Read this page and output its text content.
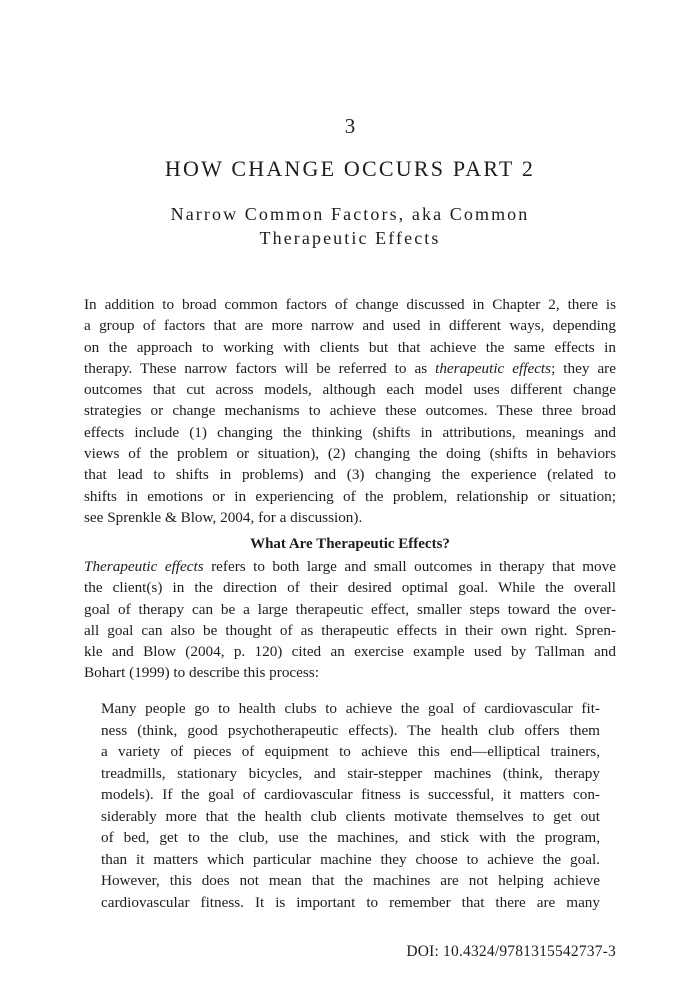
3
HOW CHANGE OCCURS PART 2
Narrow Common Factors, aka Common
Therapeutic Effects
In addition to broad common factors of change discussed in Chapter 2, there is
a group of factors that are more narrow and used in different ways, depending
on the approach to working with clients but that achieve the same effects in
therapy. These narrow factors will be referred to as therapeutic effects; they are
outcomes that cut across models, although each model uses different change
strategies or change mechanisms to achieve these outcomes. These three broad
effects include (1) changing the thinking (shifts in attributions, meanings and
views of the problem or situation), (2) changing the doing (shifts in behaviors
that lead to shifts in problems) and (3) changing the experience (related to
shifts in emotions or in experiencing of the problem, relationship or situation;
see Sprenkle & Blow, 2004, for a discussion).
What Are Therapeutic Effects?
Therapeutic effects refers to both large and small outcomes in therapy that move
the client(s) in the direction of their desired optimal goal. While the overall
goal of therapy can be a large therapeutic effect, smaller steps toward the over-
all goal can also be thought of as therapeutic effects in their own right. Spren-
kle and Blow (2004, p. 120) cited an exercise example used by Tallman and
Bohart (1999) to describe this process:
Many people go to health clubs to achieve the goal of cardiovascular fit-
ness (think, good psychotherapeutic effects). The health club offers them
a variety of pieces of equipment to achieve this end—elliptical trainers,
treadmills, stationary bicycles, and stair-stepper machines (think, therapy
models). If the goal of cardiovascular fitness is successful, it matters con-
siderably more that the health club clients motivate themselves to get out
of bed, get to the club, use the machines, and stick with the program,
than it matters which particular machine they choose to achieve the goal.
However, this does not mean that the machines are not helping achieve
cardiovascular fitness. It is important to remember that there are many
DOI: 10.4324/9781315542737-3
